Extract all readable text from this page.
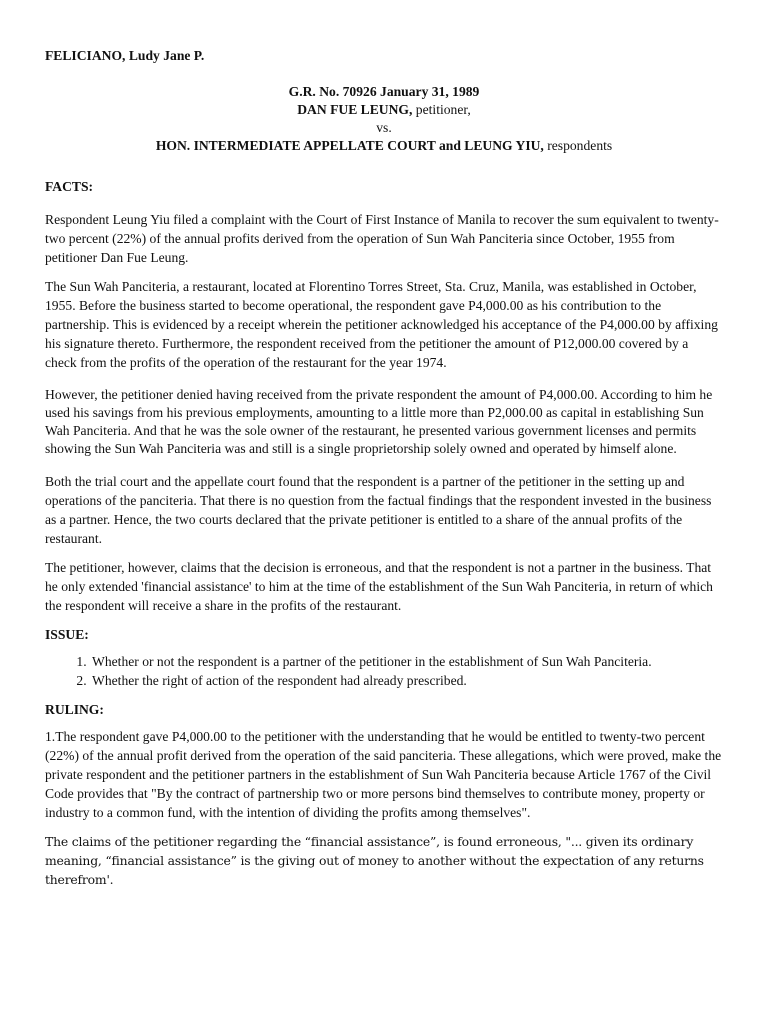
FELICIANO, Ludy Jane P.
G.R. No. 70926 January 31, 1989
DAN FUE LEUNG, petitioner,
vs.
HON. INTERMEDIATE APPELLATE COURT and LEUNG YIU, respondents
FACTS:

Respondent Leung Yiu filed a complaint with the Court of First Instance of Manila to recover the sum equivalent to twenty-two percent (22%) of the annual profits derived from the operation of Sun Wah Panciteria since October, 1955 from petitioner Dan Fue Leung.

The Sun Wah Panciteria, a restaurant, located at Florentino Torres Street, Sta. Cruz, Manila, was established in October, 1955. Before the business started to become operational, the respondent gave P4,000.00 as his contribution to the partnership. This is evidenced by a receipt wherein the petitioner acknowledged his acceptance of the P4,000.00 by affixing his signature thereto. Furthermore, the respondent received from the petitioner the amount of P12,000.00 covered by a check from the profits of the operation of the restaurant for the year 1974.

However, the petitioner denied having received from the private respondent the amount of P4,000.00. According to him he used his savings from his previous employments, amounting to a little more than P2,000.00 as capital in establishing Sun Wah Panciteria. And that he was the sole owner of the restaurant, he presented various government licenses and permits showing the Sun Wah Panciteria was and still is a single proprietorship solely owned and operated by himself alone.

Both the trial court and the appellate court found that the respondent is a partner of the petitioner in the setting up and operations of the panciteria. That there is no question from the factual findings that the respondent invested in the business as a partner. Hence, the two courts declared that the private petitioner is entitled to a share of the annual profits of the restaurant.

The petitioner, however, claims that the decision is erroneous, and that the respondent is not a partner in the business. That he only extended 'financial assistance' to him at the time of the establishment of the Sun Wah Panciteria, in return of which the respondent will receive a share in the profits of the restaurant.

ISSUE:
1. Whether or not the respondent is a partner of the petitioner in the establishment of Sun Wah Panciteria.
2. Whether the right of action of the respondent had already prescribed.
RULING:

1.The respondent gave P4,000.00 to the petitioner with the understanding that he would be entitled to twenty-two percent (22%) of the annual profit derived from the operation of the said panciteria. These allegations, which were proved, make the private respondent and the petitioner partners in the establishment of Sun Wah Panciteria because Article 1767 of the Civil Code provides that "By the contract of partnership two or more persons bind themselves to contribute money, property or industry to a common fund, with the intention of dividing the profits among themselves".

The claims of the petitioner regarding the “financial assistance”, is found erroneous, "... given its ordinary meaning, “financial assistance” is the giving out of money to another without the expectation of any returns therefrom'.
